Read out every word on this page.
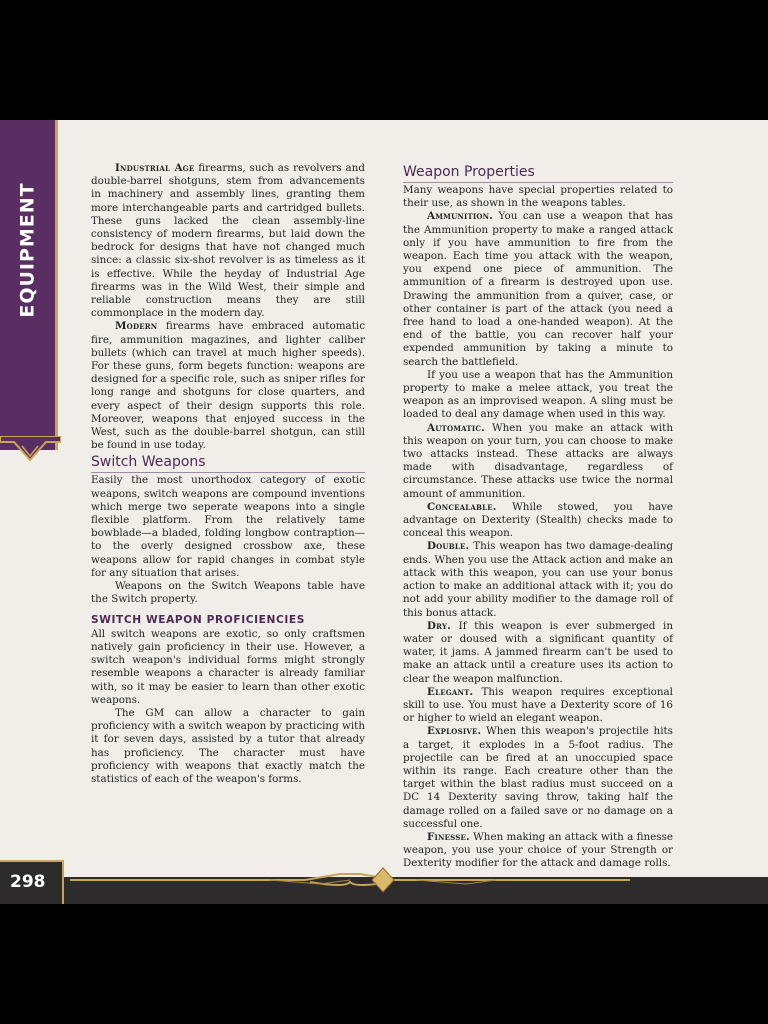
EQUIPMENT

Industrial Age firearms, such as revolvers and double-barrel shotguns, stem from advancements in machinery and assembly lines, granting them more interchangeable parts and cartridged bullets. These guns lacked the clean assembly-line consistency of modern firearms, but laid down the bedrock for designs that have not changed much since: a classic six-shot revolver is as timeless as it is effective. While the heyday of Industrial Age firearms was in the Wild West, their simple and reliable construction means they are still commonplace in the modern day.

Modern firearms have embraced automatic fire, ammunition magazines, and lighter caliber bullets (which can travel at much higher speeds). For these guns, form begets function: weapons are designed for a specific role, such as sniper rifles for long range and shotguns for close quarters, and every aspect of their design supports this role. Moreover, weapons that enjoyed success in the West, such as the double-barrel shotgun, can still be found in use today.

Switch Weapons

Easily the most unorthodox category of exotic weapons, switch weapons are compound inventions which merge two seperate weapons into a single flexible platform. From the relatively tame bowblade—a bladed, folding longbow contraption—to the overly designed crossbow axe, these weapons allow for rapid changes in combat style for any situation that arises.

Weapons on the Switch Weapons table have the Switch property.

SWITCH WEAPON PROFICIENCIES

All switch weapons are exotic, so only craftsmen natively gain proficiency in their use. However, a switch weapon's individual forms might strongly resemble weapons a character is already familiar with, so it may be easier to learn than other exotic weapons.

The GM can allow a character to gain proficiency with a switch weapon by practicing with it for seven days, assisted by a tutor that already has proficiency. The character must have proficiency with weapons that exactly match the statistics of each of the weapon's forms.

Weapon Properties

Many weapons have special properties related to their use, as shown in the weapons tables.

Ammunition. You can use a weapon that has the Ammunition property to make a ranged attack only if you have ammunition to fire from the weapon. Each time you attack with the weapon, you expend one piece of ammunition. The ammunition of a firearm is destroyed upon use. Drawing the ammunition from a quiver, case, or other container is part of the attack (you need a free hand to load a one-handed weapon). At the end of the battle, you can recover half your expended ammunition by taking a minute to search the battlefield.

If you use a weapon that has the Ammunition property to make a melee attack, you treat the weapon as an improvised weapon. A sling must be loaded to deal any damage when used in this way.

Automatic. When you make an attack with this weapon on your turn, you can choose to make two attacks instead. These attacks are always made with disadvantage, regardless of circumstance. These attacks use twice the normal amount of ammunition.

Concealable. While stowed, you have advantage on Dexterity (Stealth) checks made to conceal this weapon.

Double. This weapon has two damage-dealing ends. When you use the Attack action and make an attack with this weapon, you can use your bonus action to make an additional attack with it; you do not add your ability modifier to the damage roll of this bonus attack.

Dry. If this weapon is ever submerged in water or doused with a significant quantity of water, it jams. A jammed firearm can't be used to make an attack until a creature uses its action to clear the weapon malfunction.

Elegant. This weapon requires exceptional skill to use. You must have a Dexterity score of 16 or higher to wield an elegant weapon.

Explosive. When this weapon's projectile hits a target, it explodes in a 5-foot radius. The projectile can be fired at an unoccupied space within its range. Each creature other than the target within the blast radius must succeed on a DC 14 Dexterity saving throw, taking half the damage rolled on a failed save or no damage on a successful one.

Finesse. When making an attack with a finesse weapon, you use your choice of your Strength or Dexterity modifier for the attack and damage rolls.

298
